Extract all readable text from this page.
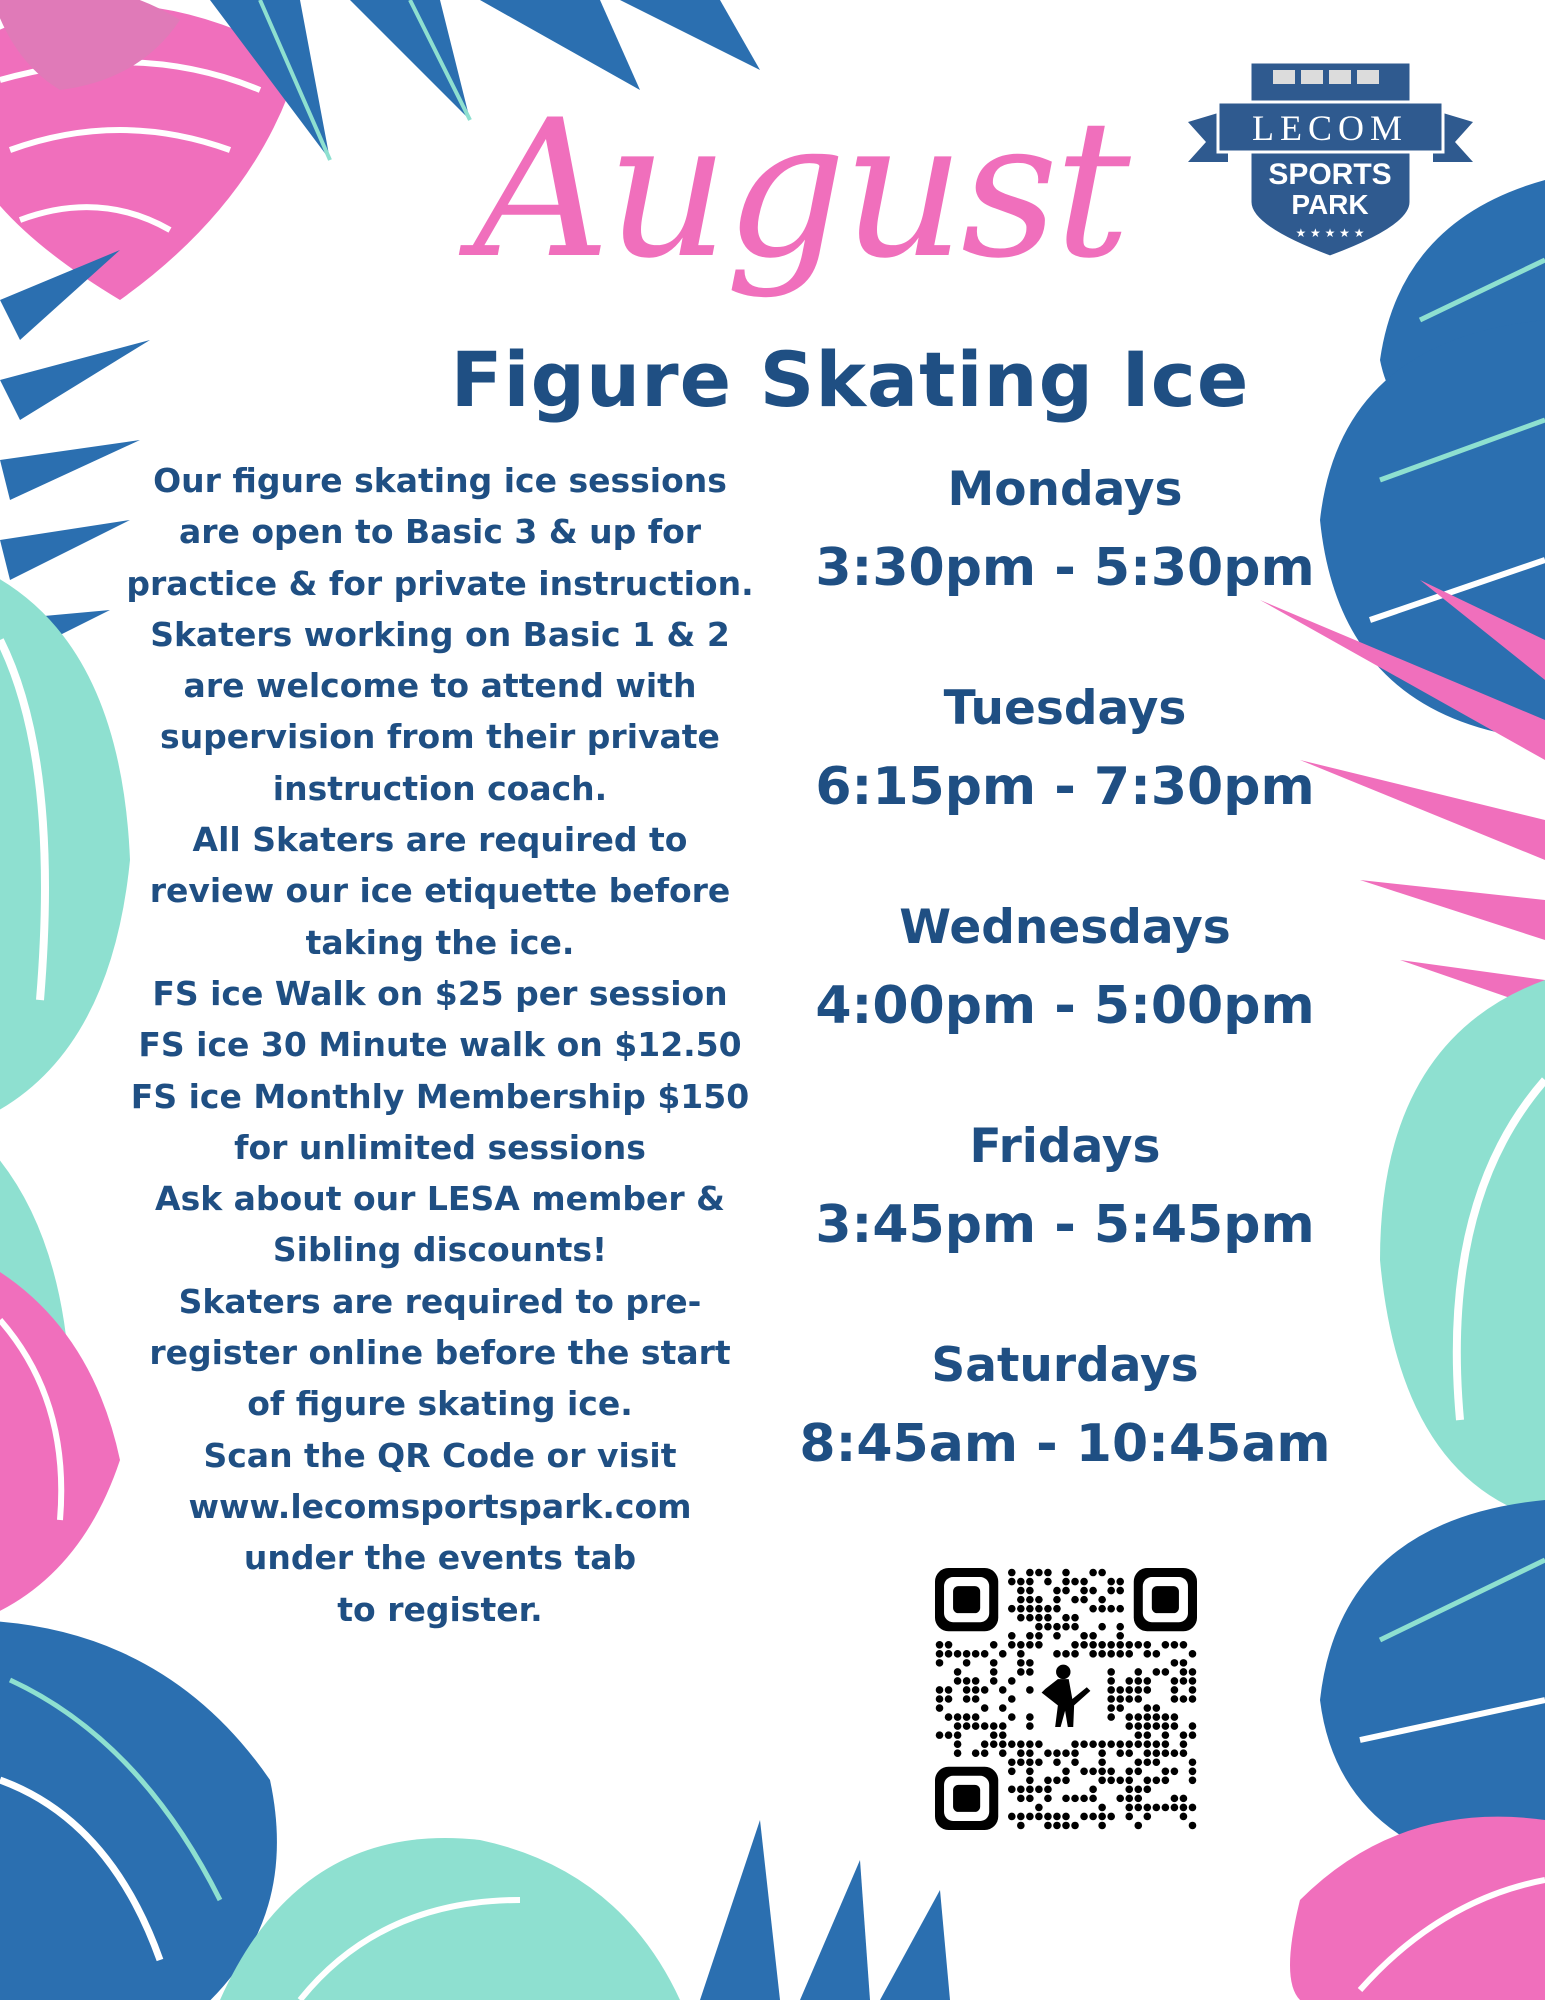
LECOM
SPORTS
PARK
★ ★ ★ ★ ★
August
Figure Skating Ice
Our figure skating ice sessions
are open to Basic 3 & up for
practice & for private instruction.
Skaters working on Basic 1 & 2
are welcome to attend with
supervision from their private
instruction coach.
All Skaters are required to
review our ice etiquette before
taking the ice.
FS ice Walk on $25 per session
FS ice 30 Minute walk on $12.50
FS ice Monthly Membership $150
for unlimited sessions
Ask about our LESA member &
Sibling discounts!
Skaters are required to pre-
register online before the start
of figure skating ice.
Scan the QR Code or visit
www.lecomsportspark.com
under the events tab
to register.
Mondays
3:30pm - 5:30pm
Tuesdays
6:15pm - 7:30pm
Wednesdays
4:00pm - 5:00pm
Fridays
3:45pm - 5:45pm
Saturdays
8:45am - 10:45am
